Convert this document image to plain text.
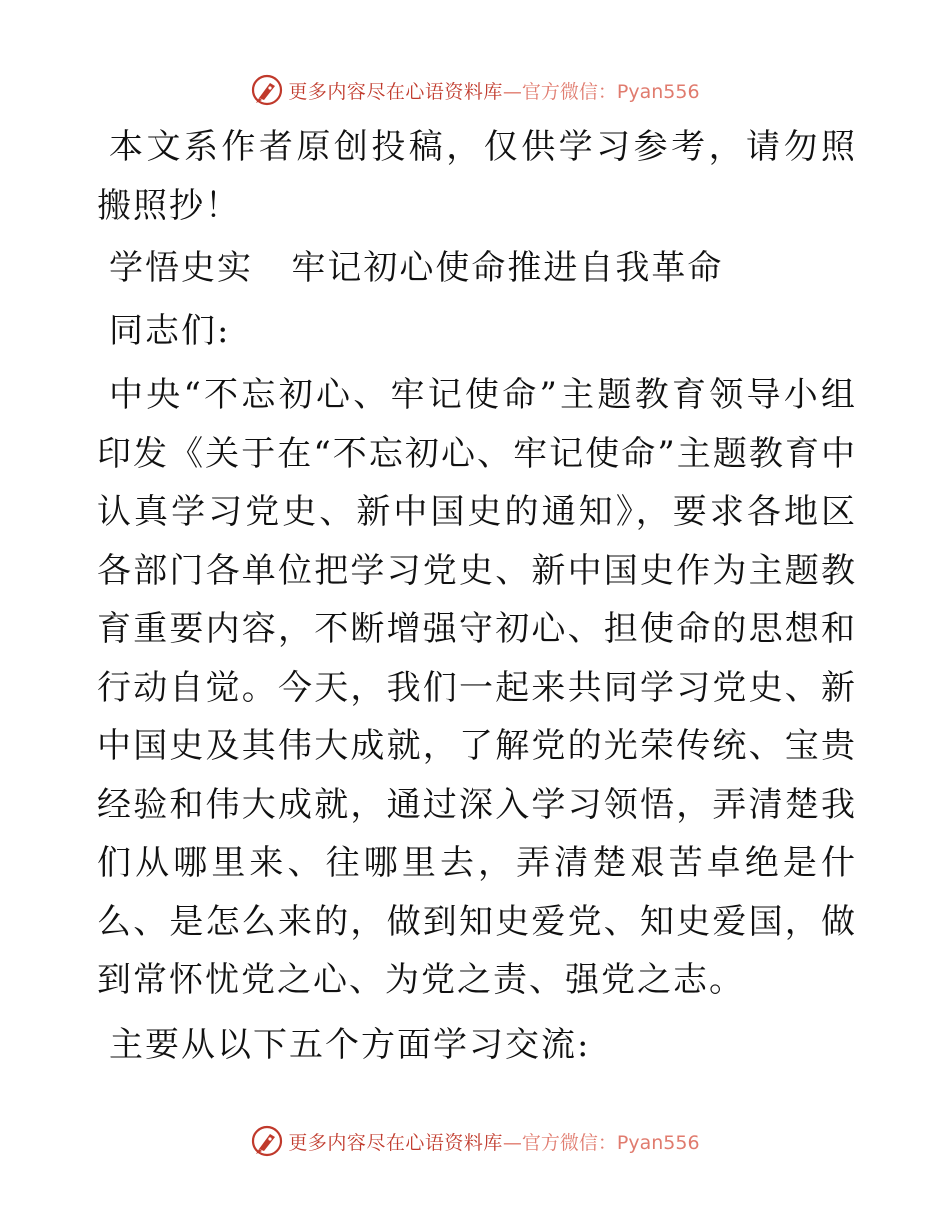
更多内容尽在心语资料库 —官方微信：Pyan556

本文系作者原创投稿，仅供学习参考，请勿照搬照抄！

学悟史实   牢记初心使命推进自我革命

同志们:

中央“不忘初心、牢记使命”主题教育领导小组印发《关于在“不忘初心、牢记使命”主题教育中认真学习党史、新中国史的通知》，要求各地区各部门各单位把学习党史、新中国史作为主题教育重要内容，不断增强守初心、担使命的思想和行动自觉。今天，我们一起来共同学习党史、新中国史及其伟大成就，了解党的光荣传统、宝贵经验和伟大成就，通过深入学习领悟，弄清楚我们从哪里来、往哪里去，弄清楚艰苦卓绝是什么、是怎么来的，做到知史爱党、知史爱国，做到常怀忧党之心、为党之责、强党之志。

主要从以下五个方面学习交流:

更多内容尽在心语资料库 —官方微信：Pyan556
